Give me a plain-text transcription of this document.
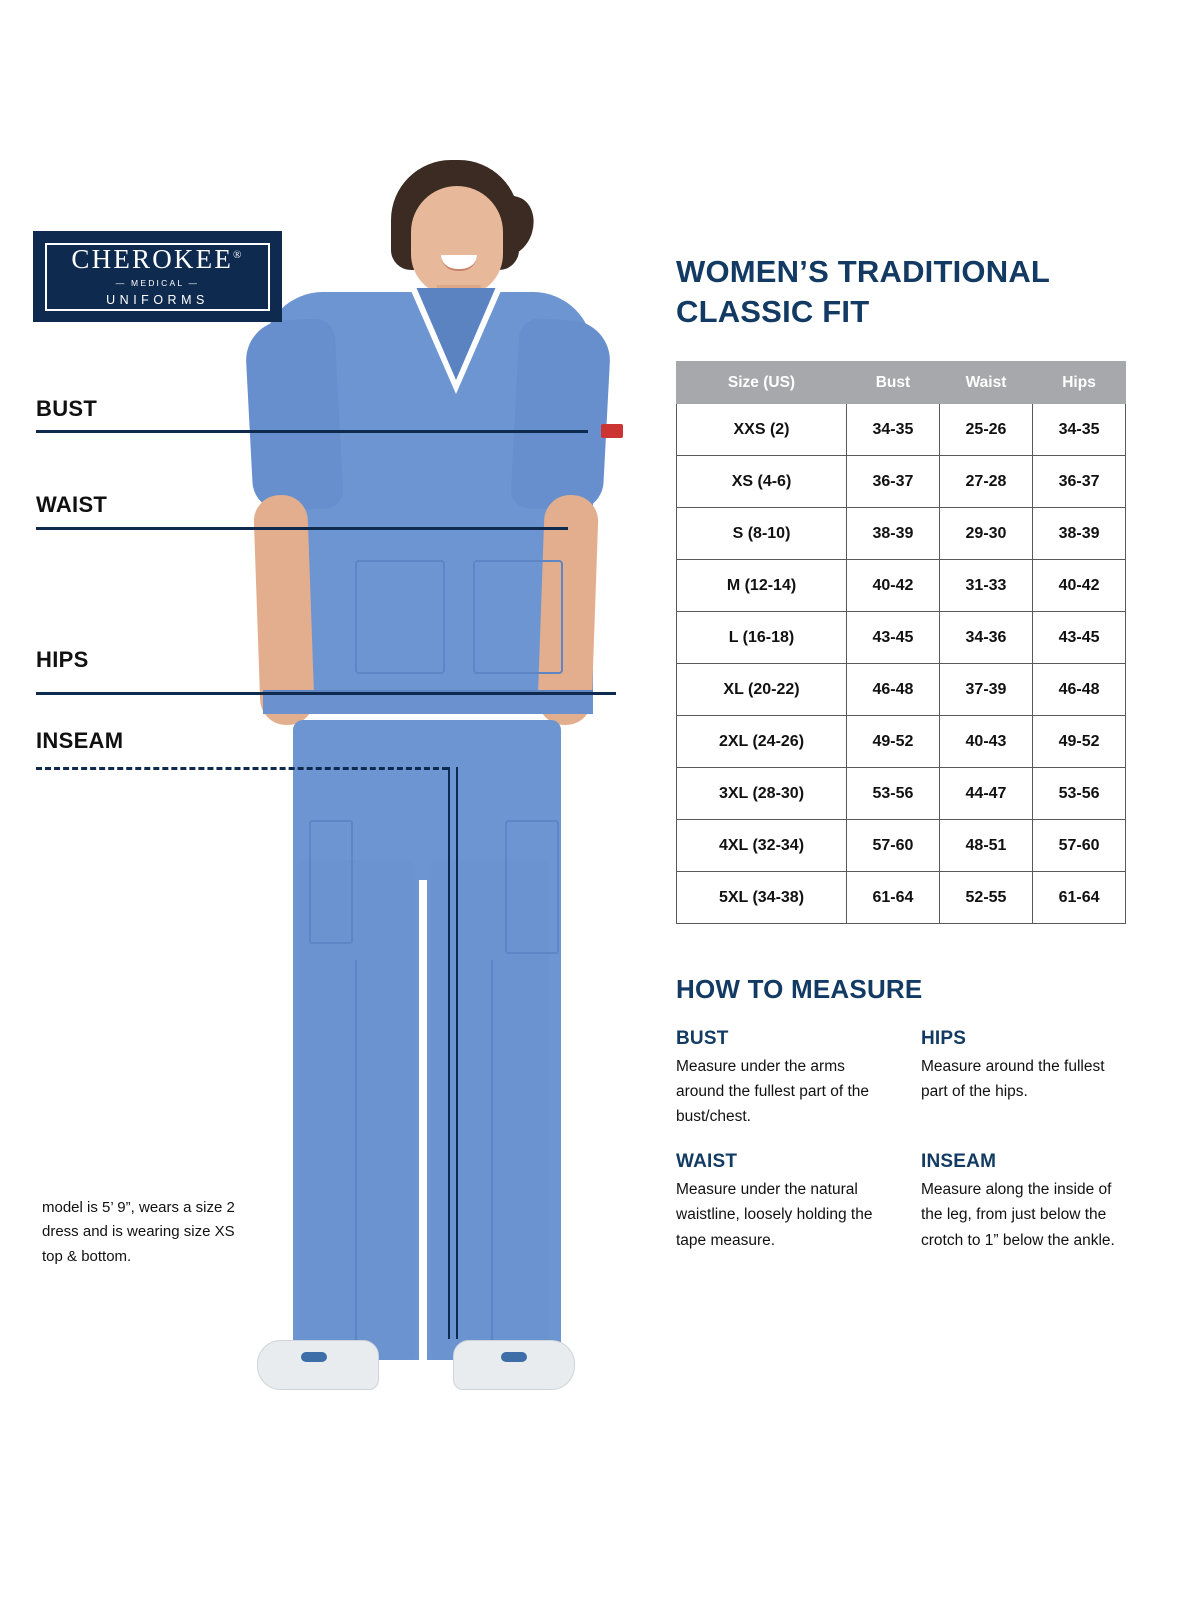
CHEROKEE®
— MEDICAL —
UNIFORMS
BUST
WAIST
HIPS
INSEAM
model is 5’ 9”, wears a size 2 dress and is wearing size XS top & bottom.
WOMEN’S TRADITIONAL CLASSIC FIT
Size (US)	Bust	Waist	Hips
XXS (2)	34-35	25-26	34-35
XS (4-6)	36-37	27-28	36-37
S (8-10)	38-39	29-30	38-39
M (12-14)	40-42	31-33	40-42
L (16-18)	43-45	34-36	43-45
XL (20-22)	46-48	37-39	46-48
2XL (24-26)	49-52	40-43	49-52
3XL (28-30)	53-56	44-47	53-56
4XL (32-34)	57-60	48-51	57-60
5XL (34-38)	61-64	52-55	61-64
HOW TO MEASURE
BUST

Measure under the arms around the fullest part of the bust/chest.

HIPS

Measure around the fullest part of the hips.

WAIST

Measure under the natural waistline, loosely holding the tape measure.

INSEAM

Measure along the inside of the leg, from just below the crotch to 1” below the ankle.
